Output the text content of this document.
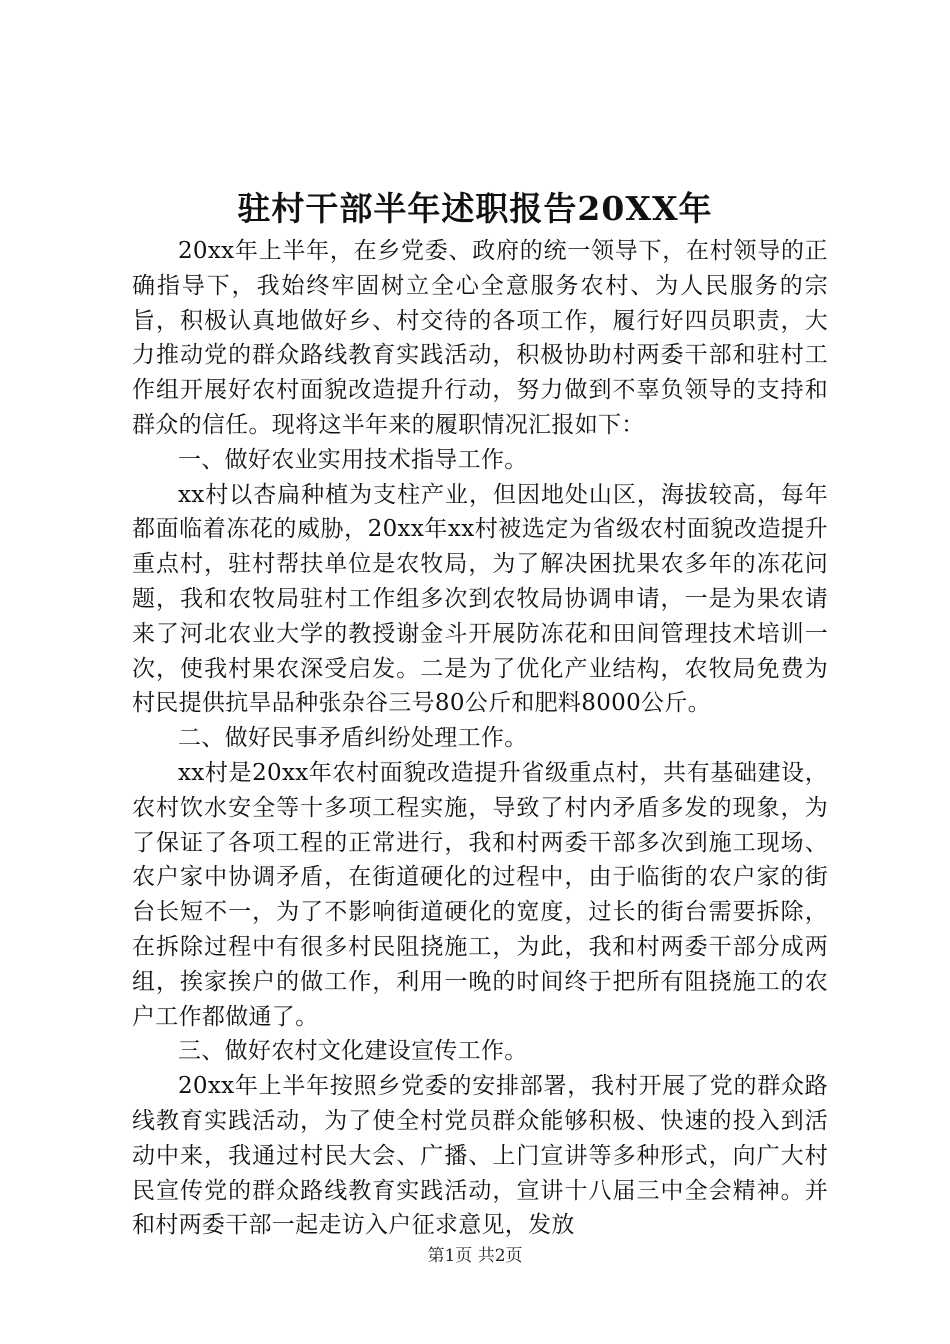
驻村干部半年述职报告20XX年

20xx年上半年，在乡党委、政府的统一领导下，在村领导的正确指导下，我始终牢固树立全心全意服务农村、为人民服务的宗旨，积极认真地做好乡、村交待的各项工作，履行好四员职责，大力推动党的群众路线教育实践活动，积极协助村两委干部和驻村工作组开展好农村面貌改造提升行动，努力做到不辜负领导的支持和群众的信任。现将这半年来的履职情况汇报如下：

一、做好农业实用技术指导工作。

xx村以杏扁种植为支柱产业，但因地处山区，海拔较高，每年都面临着冻花的威胁，20xx年xx村被选定为省级农村面貌改造提升重点村，驻村帮扶单位是农牧局，为了解决困扰果农多年的冻花问题，我和农牧局驻村工作组多次到农牧局协调申请，一是为果农请来了河北农业大学的教授谢金斗开展防冻花和田间管理技术培训一次，使我村果农深受启发。二是为了优化产业结构，农牧局免费为村民提供抗旱品种张杂谷三号80公斤和肥料8000公斤。

二、做好民事矛盾纠纷处理工作。

xx村是20xx年农村面貌改造提升省级重点村，共有基础建设，农村饮水安全等十多项工程实施，导致了村内矛盾多发的现象，为了保证了各项工程的正常进行，我和村两委干部多次到施工现场、农户家中协调矛盾，在街道硬化的过程中，由于临街的农户家的街台长短不一，为了不影响街道硬化的宽度，过长的街台需要拆除，在拆除过程中有很多村民阻挠施工，为此，我和村两委干部分成两组，挨家挨户的做工作，利用一晚的时间终于把所有阻挠施工的农户工作都做通了。

三、做好农村文化建设宣传工作。

20xx年上半年按照乡党委的安排部署，我村开展了党的群众路线教育实践活动，为了使全村党员群众能够积极、快速的投入到活动中来，我通过村民大会、广播、上门宣讲等多种形式，向广大村民宣传党的群众路线教育实践活动，宣讲十八届三中全会精神。并和村两委干部一起走访入户征求意见，发放

第1页 共2页
